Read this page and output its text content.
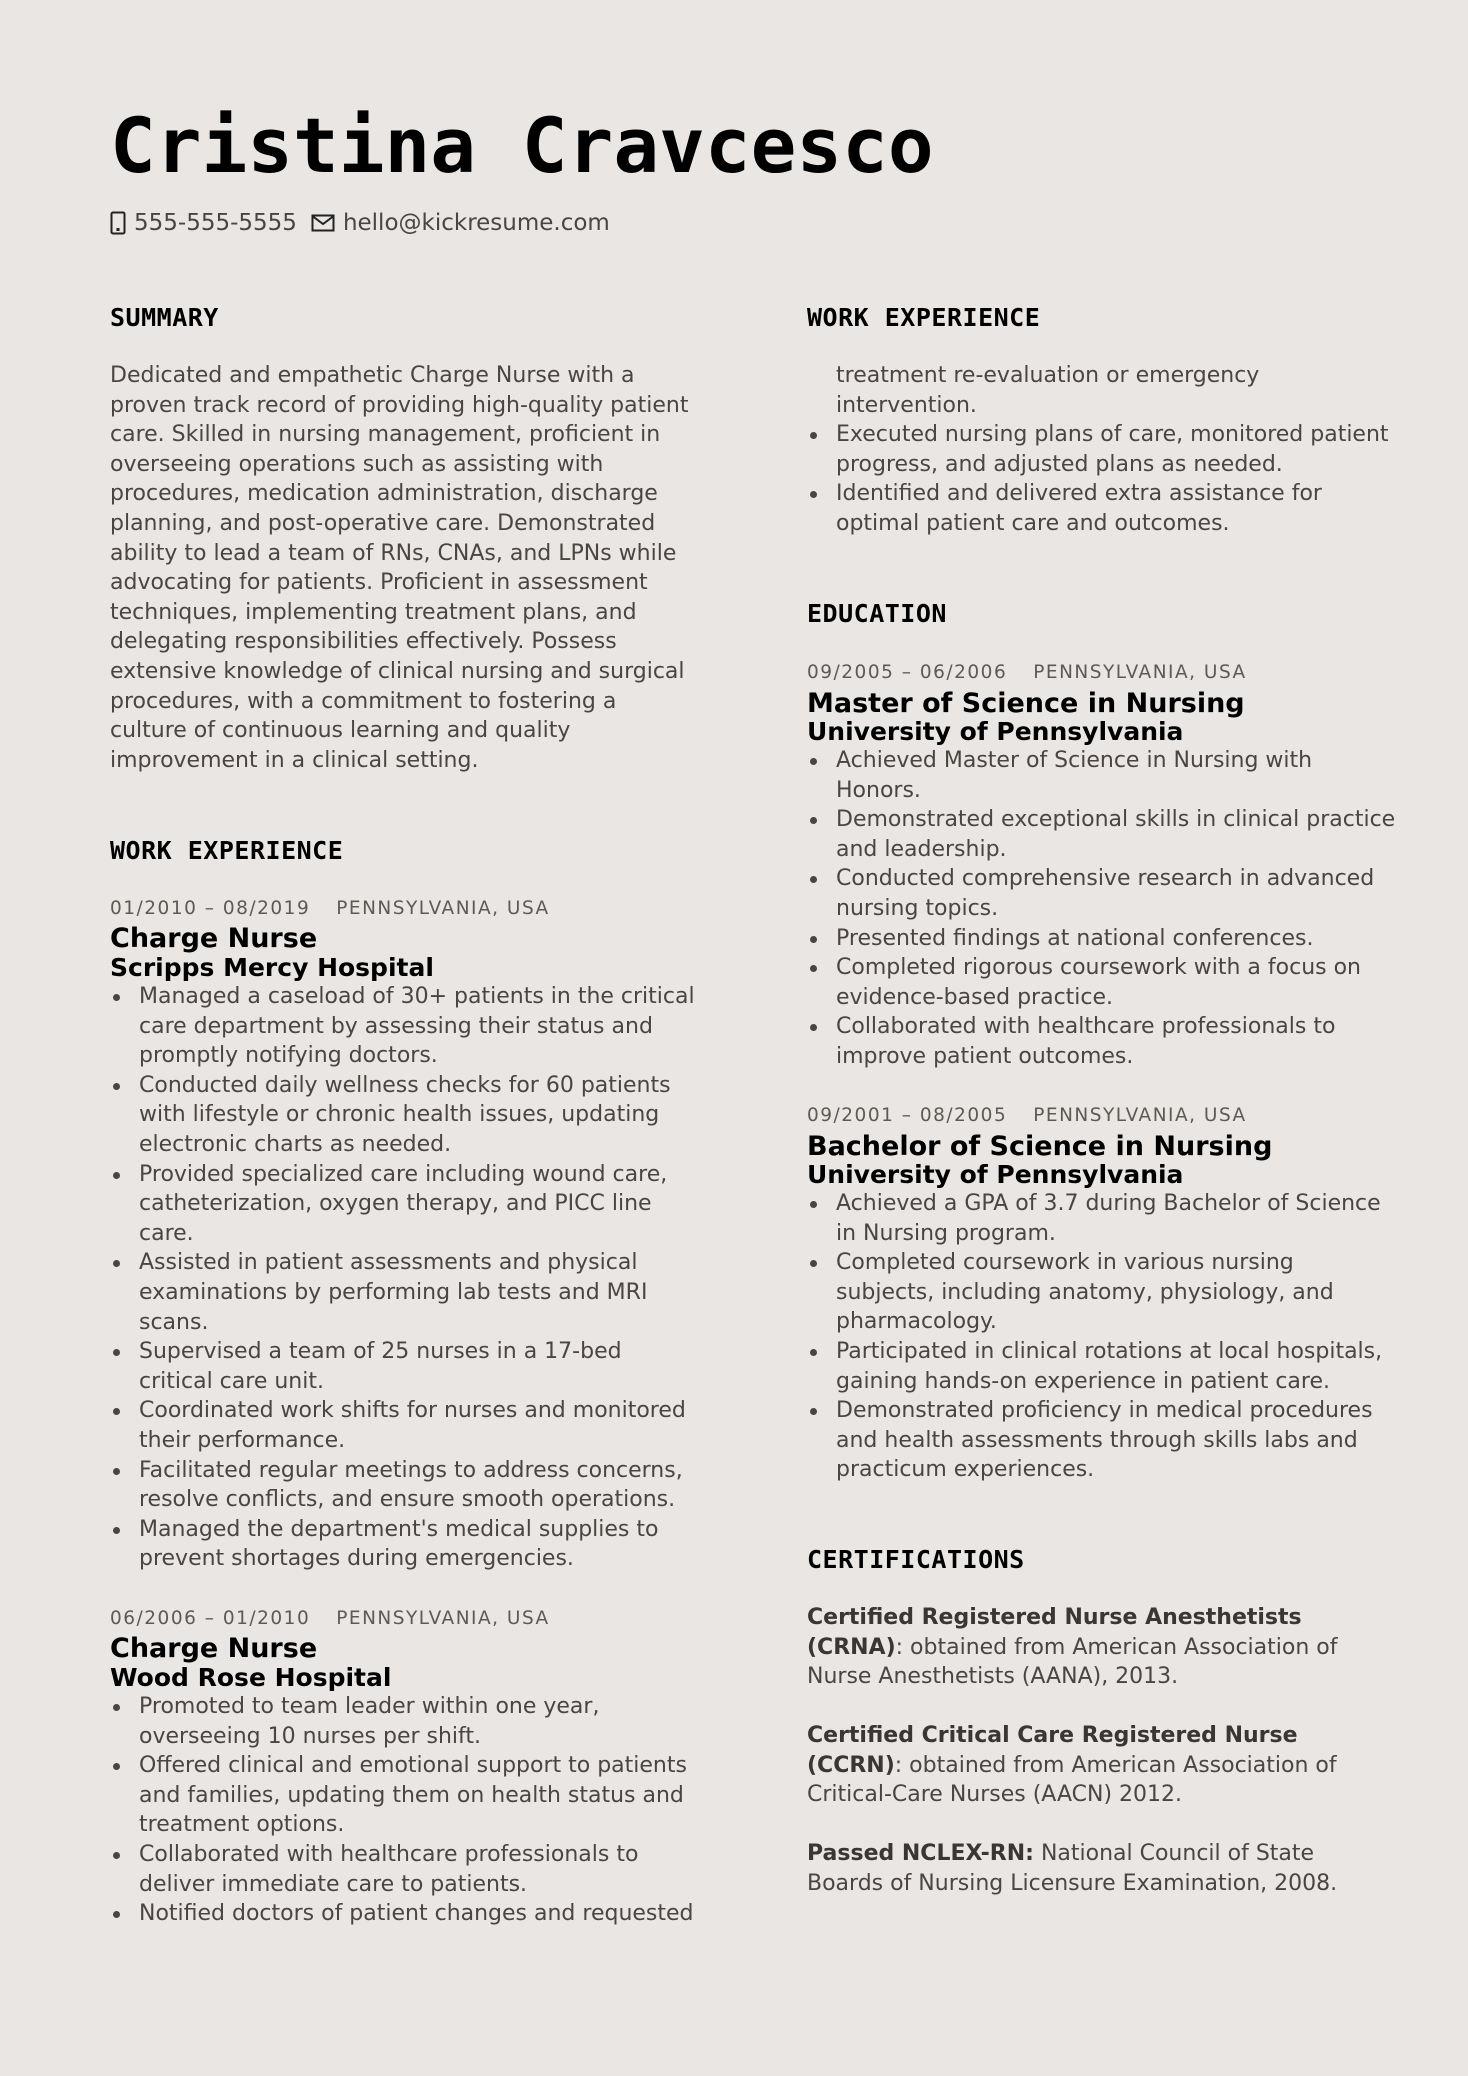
Cristina Cravcesco
555-555-5555 hello@kickresume.com
SUMMARY

Dedicated and empathetic Charge Nurse with a proven track record of providing high-quality patient care. Skilled in nursing management, proficient in overseeing operations such as assisting with procedures, medication administration, discharge planning, and post-operative care. Demonstrated ability to lead a team of RNs, CNAs, and LPNs while advocating for patients. Proficient in assessment techniques, implementing treatment plans, and delegating responsibilities effectively. Possess extensive knowledge of clinical nursing and surgical procedures, with a commitment to fostering a culture of continuous learning and quality improvement in a clinical setting.

WORK EXPERIENCE
01/2010 – 08/2019 PENNSYLVANIA, USA
Charge Nurse
Scripps Mercy Hospital
Managed a caseload of 30+ patients in the critical care department by assessing their status and promptly notifying doctors.
Conducted daily wellness checks for 60 patients with lifestyle or chronic health issues, updating electronic charts as needed.
Provided specialized care including wound care, catheterization, oxygen therapy, and PICC line care.
Assisted in patient assessments and physical examinations by performing lab tests and MRI scans.
Supervised a team of 25 nurses in a 17-bed critical care unit.
Coordinated work shifts for nurses and monitored their performance.
Facilitated regular meetings to address concerns, resolve conflicts, and ensure smooth operations.
Managed the department's medical supplies to prevent shortages during emergencies.
06/2006 – 01/2010 PENNSYLVANIA, USA
Charge Nurse
Wood Rose Hospital
Promoted to team leader within one year, overseeing 10 nurses per shift.
Offered clinical and emotional support to patients and families, updating them on health status and treatment options.
Collaborated with healthcare professionals to deliver immediate care to patients.
Notified doctors of patient changes and requested
WORK EXPERIENCE
treatment re-evaluation or emergency intervention.
Executed nursing plans of care, monitored patient progress, and adjusted plans as needed.
Identified and delivered extra assistance for optimal patient care and outcomes.
EDUCATION
09/2005 – 06/2006 PENNSYLVANIA, USA
Master of Science in Nursing
University of Pennsylvania
Achieved Master of Science in Nursing with Honors.
Demonstrated exceptional skills in clinical practice and leadership.
Conducted comprehensive research in advanced nursing topics.
Presented findings at national conferences.
Completed rigorous coursework with a focus on evidence-based practice.
Collaborated with healthcare professionals to improve patient outcomes.
09/2001 – 08/2005 PENNSYLVANIA, USA
Bachelor of Science in Nursing
University of Pennsylvania
Achieved a GPA of 3.7 during Bachelor of Science in Nursing program.
Completed coursework in various nursing subjects, including anatomy, physiology, and pharmacology.
Participated in clinical rotations at local hospitals, gaining hands-on experience in patient care.
Demonstrated proficiency in medical procedures and health assessments through skills labs and practicum experiences.
CERTIFICATIONS

Certified Registered Nurse Anesthetists (CRNA): obtained from American Association of Nurse Anesthetists (AANA), 2013.

Certified Critical Care Registered Nurse (CCRN): obtained from American Association of Critical-Care Nurses (AACN) 2012.

Passed NCLEX-RN: National Council of State Boards of Nursing Licensure Examination, 2008.
